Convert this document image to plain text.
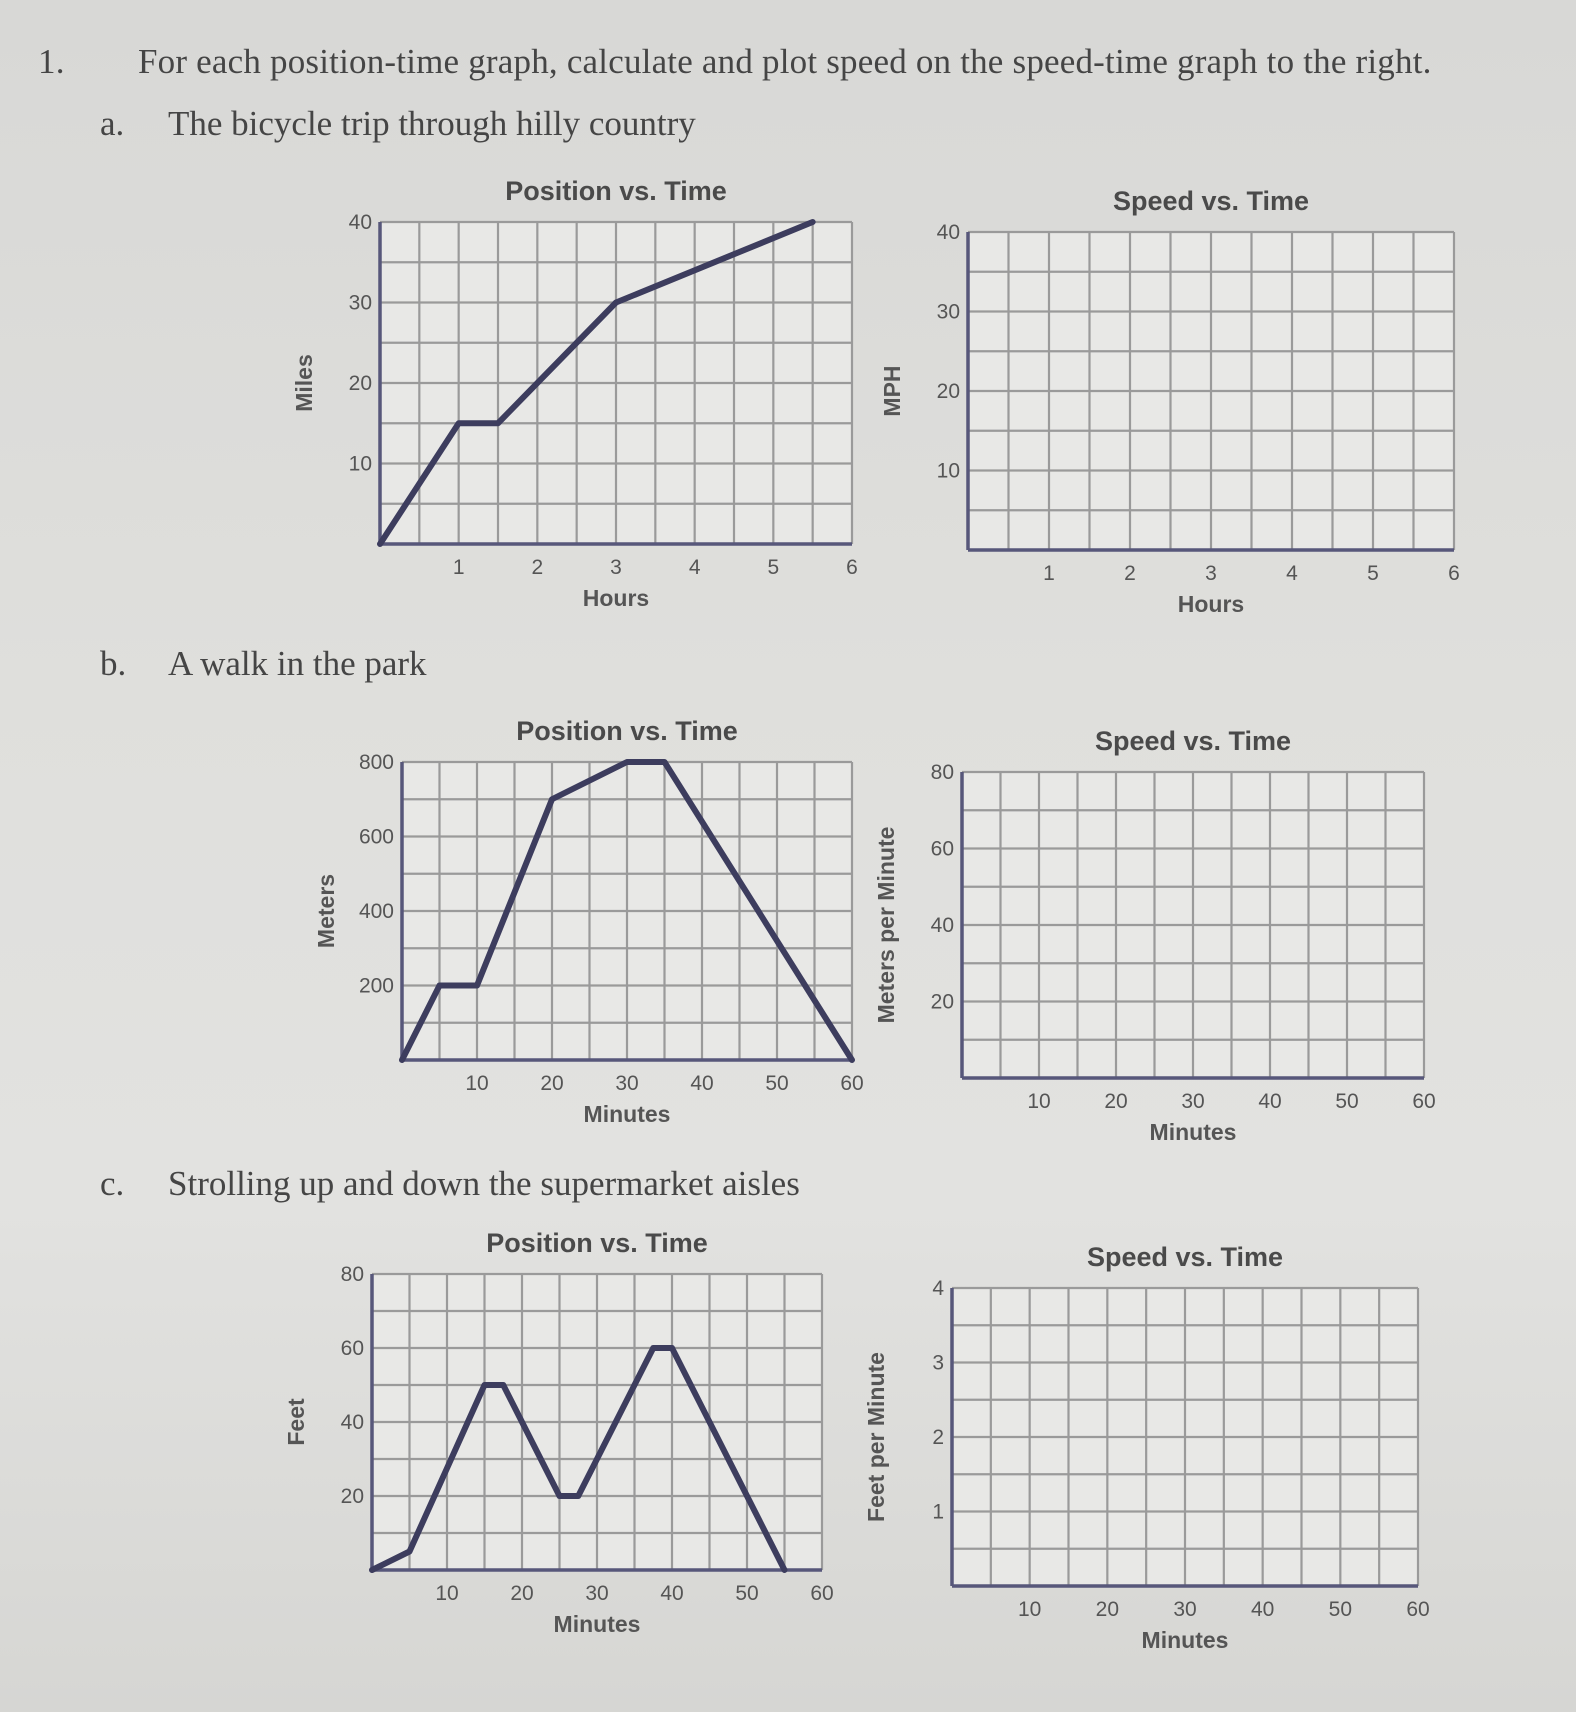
1. For each position-time graph, calculate and plot speed on the speed-time graph to the right.
a. The bicycle trip through hilly country
b. A walk in the park
c. Strolling up and down the supermarket aisles
1	2	3	4	5	6
10
20
30
40
Position vs. Time
Hours
Miles
1	2	3	4	5	6
10
20
30
40
Speed vs. Time
Hours
MPH
10 20 30 40 50 60
200
400
600
800
Position vs. Time
Minutes
Meters
10	20	30	40	50	60
20
40
60
80
Speed vs. Time
Minutes
Meters per Minute
10 20 30 40 50 60
20
40
60
80
Position vs. Time
Minutes
Feet
10	20	30	40	50	60
1
2
3
4
Speed vs. Time
Minutes
Feet per Minute
